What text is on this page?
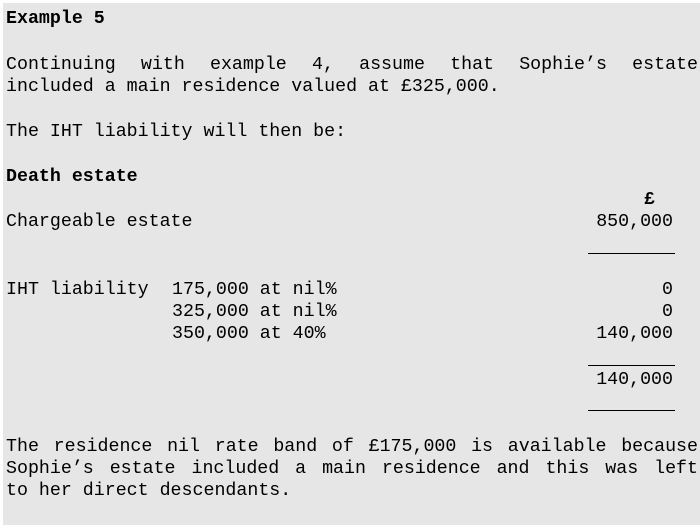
Example 5
Continuing with example 4, assume that Sophie’s estate
included a main residence valued at £325,000.
The IHT liability will then be:
Death estate
£
Chargeable estate	850,000
IHT liability 175,000 at nil%	0
325,000 at nil%	0
350,000 at 40%	140,000
140,000
The residence nil rate band of £175,000 is available because
Sophie’s estate included a main residence and this was left
to her direct descendants.
